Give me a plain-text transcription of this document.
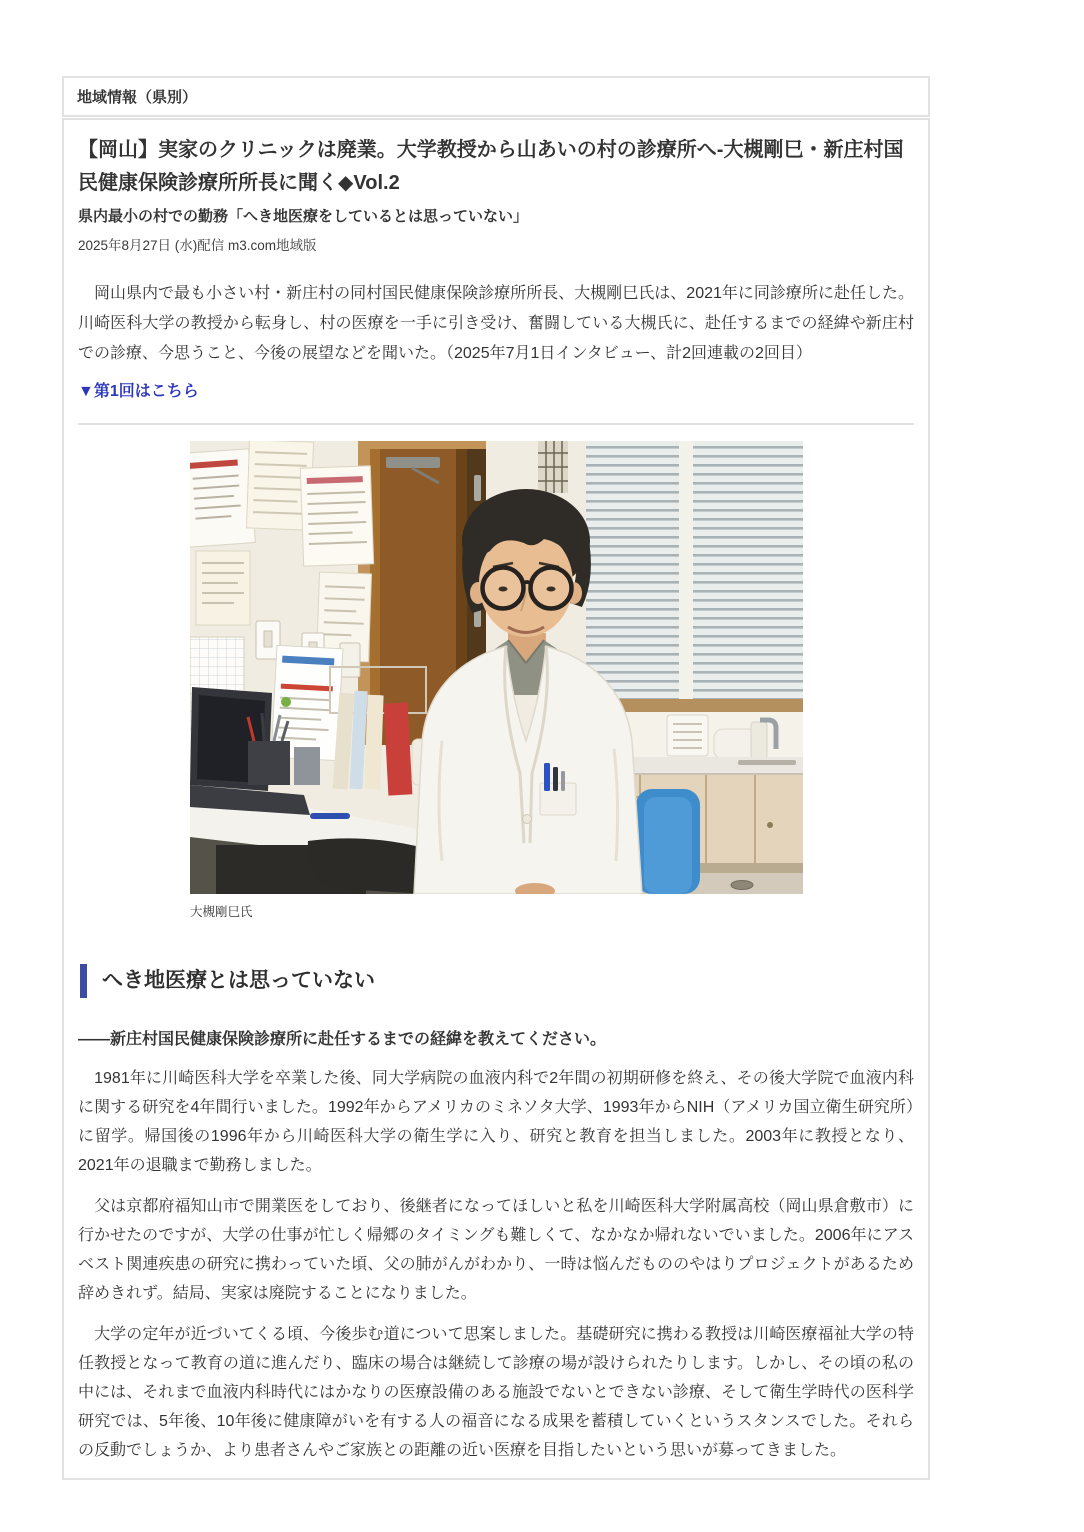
地域情報（県別）
【岡山】実家のクリニックは廃業。大学教授から山あいの村の診療所へ-大槻剛巳・新庄村国民健康保険診療所所長に聞く◆Vol.2
県内最小の村での勤務「へき地医療をしているとは思っていない」
2025年8月27日 (水)配信 m3.com地域版

　岡山県内で最も小さい村・新庄村の同村国民健康保険診療所所長、大槻剛巳氏は、2021年に同診療所に赴任した。川崎医科大学の教授から転身し、村の医療を一手に引き受け、奮闘している大槻氏に、赴任するまでの経緯や新庄村での診療、今思うこと、今後の展望などを聞いた。（2025年7月1日インタビュー、計2回連載の2回目）

▼第1回はこちら
大槻剛巳氏
へき地医療とは思っていない

――新庄村国民健康保険診療所に赴任するまでの経緯を教えてください。

　1981年に川崎医科大学を卒業した後、同大学病院の血液内科で2年間の初期研修を終え、その後大学院で血液内科に関する研究を4年間行いました。1992年からアメリカのミネソタ大学、1993年からNIH（アメリカ国立衛生研究所）に留学。帰国後の1996年から川崎医科大学の衛生学に入り、研究と教育を担当しました。2003年に教授となり、2021年の退職まで勤務しました。

　父は京都府福知山市で開業医をしており、後継者になってほしいと私を川崎医科大学附属高校（岡山県倉敷市）に行かせたのですが、大学の仕事が忙しく帰郷のタイミングも難しくて、なかなか帰れないでいました。2006年にアスベスト関連疾患の研究に携わっていた頃、父の肺がんがわかり、一時は悩んだもののやはりプロジェクトがあるため辞めきれず。結局、実家は廃院することになりました。

　大学の定年が近づいてくる頃、今後歩む道について思案しました。基礎研究に携わる教授は川崎医療福祉大学の特任教授となって教育の道に進んだり、臨床の場合は継続して診療の場が設けられたりします。しかし、その頃の私の中には、それまで血液内科時代にはかなりの医療設備のある施設でないとできない診療、そして衛生学時代の医科学研究では、5年後、10年後に健康障がいを有する人の福音になる成果を蓄積していくというスタンスでした。それらの反動でしょうか、より患者さんやご家族との距離の近い医療を目指したいという思いが募ってきました。
